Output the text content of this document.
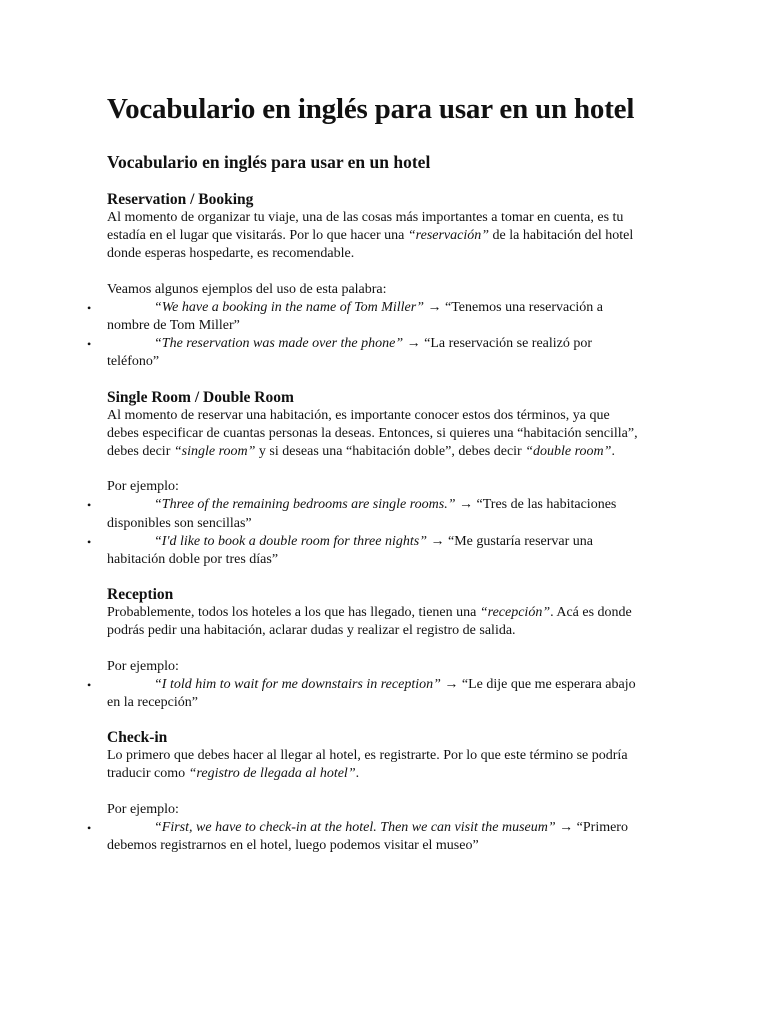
Vocabulario en inglés para usar en un hotel
Vocabulario en inglés para usar en un hotel
Reservation / Booking

Al momento de organizar tu viaje, una de las cosas más importantes a tomar en cuenta, es tu estadía en el lugar que visitarás. Por lo que hacer una “reservación” de la habitación del hotel donde esperas hospedarte, es recomendable.

Veamos algunos ejemplos del uso de esta palabra:

•	“We have a booking in the name of Tom Miller” → “Tenemos una reservación a nombre de Tom Miller”
•	“The reservation was made over the phone” → “La reservación se realizó por teléfono”
Single Room / Double Room

Al momento de reservar una habitación, es importante conocer estos dos términos, ya que debes especificar de cuantas personas la deseas. Entonces, si quieres una “habitación sencilla”, debes decir “single room” y si deseas una “habitación doble”, debes decir “double room”.

Por ejemplo:

•	“Three of the remaining bedrooms are single rooms.” → “Tres de las habitaciones disponibles son sencillas”
•	“I'd like to book a double room for three nights” → “Me gustaría reservar una habitación doble por tres días”
Reception

Probablemente, todos los hoteles a los que has llegado, tienen una “recepción”. Acá es donde podrás pedir una habitación, aclarar dudas y realizar el registro de salida.

Por ejemplo:

•	“I told him to wait for me downstairs in reception” → “Le dije que me esperara abajo en la recepción”
Check-in

Lo primero que debes hacer al llegar al hotel, es registrarte. Por lo que este término se podría traducir como “registro de llegada al hotel”.

Por ejemplo:

•	“First, we have to check-in at the hotel. Then we can visit the museum” → “Primero debemos registrarnos en el hotel, luego podemos visitar el museo”
